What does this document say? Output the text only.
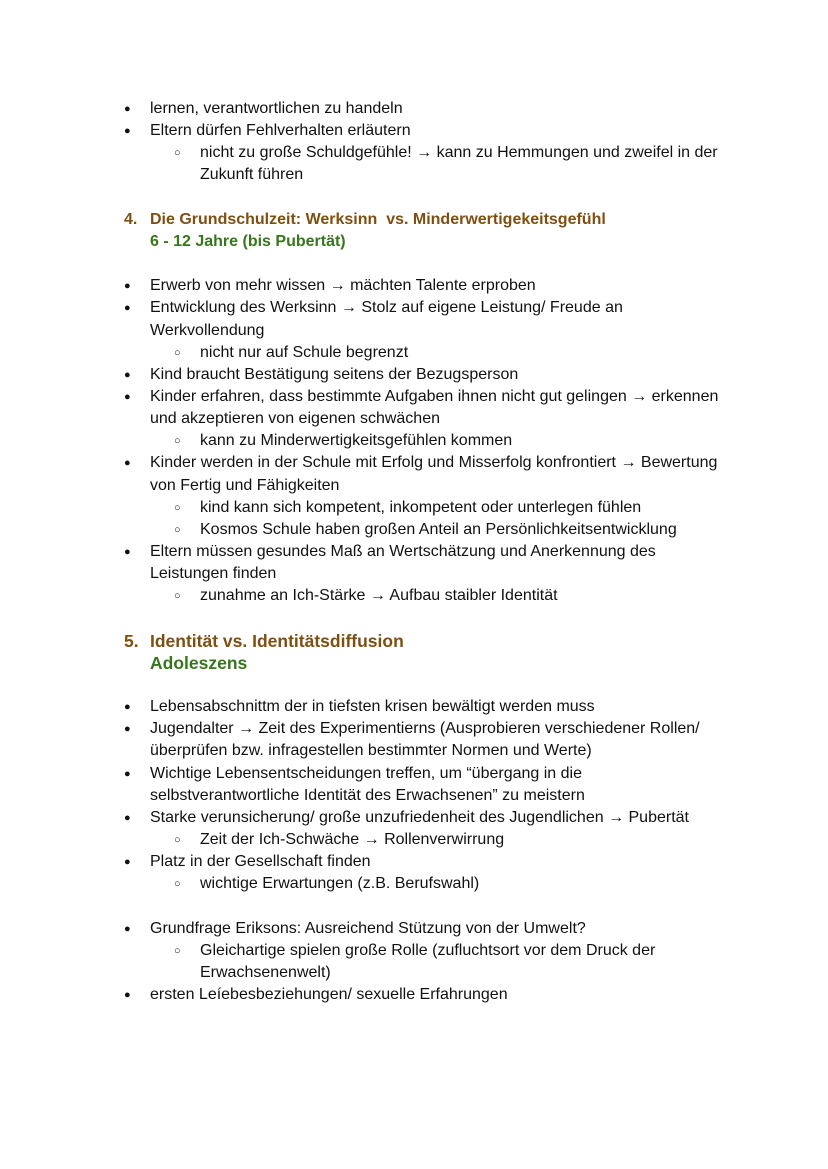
● lernen, verantwortlichen zu handeln
● Eltern dürfen Fehlverhalten erläutern
○ nicht zu große Schuldgefühle! → kann zu Hemmungen und zweifel in der Zukunft führen
4. Die Grundschulzeit: Werksinn  vs. Minderwertigekeitsgefühl
6 - 12 Jahre (bis Pubertät)
● Erwerb von mehr wissen → mächten Talente erproben
● Entwicklung des Werksinn → Stolz auf eigene Leistung/ Freude an Werkvollendung
○ nicht nur auf Schule begrenzt
● Kind braucht Bestätigung seitens der Bezugsperson
● Kinder erfahren, dass bestimmte Aufgaben ihnen nicht gut gelingen → erkennen und akzeptieren von eigenen schwächen
○ kann zu Minderwertigkeitsgefühlen kommen
● Kinder werden in der Schule mit Erfolg und Misserfolg konfrontiert → Bewertung von Fertig und Fähigkeiten
○ kind kann sich kompetent, inkompetent oder unterlegen fühlen
○ Kosmos Schule haben großen Anteil an Persönlichkeitsentwicklung
● Eltern müssen gesundes Maß an Wertschätzung und Anerkennung des Leistungen finden
○ zunahme an Ich-Stärke → Aufbau staibler Identität
5. Identität vs. Identitätsdiffusion
Adoleszens
● Lebensabschnittm der in tiefsten krisen bewältigt werden muss
● Jugendalter → Zeit des Experimentierns (Ausprobieren verschiedener Rollen/ überprüfen bzw. infragestellen bestimmter Normen und Werte)
● Wichtige Lebensentscheidungen treffen, um “übergang in die selbstverantwortliche Identität des Erwachsenen” zu meistern
● Starke verunsicherung/ große unzufriedenheit des Jugendlichen → Pubertät
○ Zeit der Ich-Schwäche → Rollenverwirrung
● Platz in der Gesellschaft finden
○ wichtige Erwartungen (z.B. Berufswahl)
● Grundfrage Eriksons: Ausreichend Stützung von der Umwelt?
○ Gleichartige spielen große Rolle (zufluchtsort vor dem Druck der Erwachsenenwelt)
● ersten Leíebesbeziehungen/ sexuelle Erfahrungen
